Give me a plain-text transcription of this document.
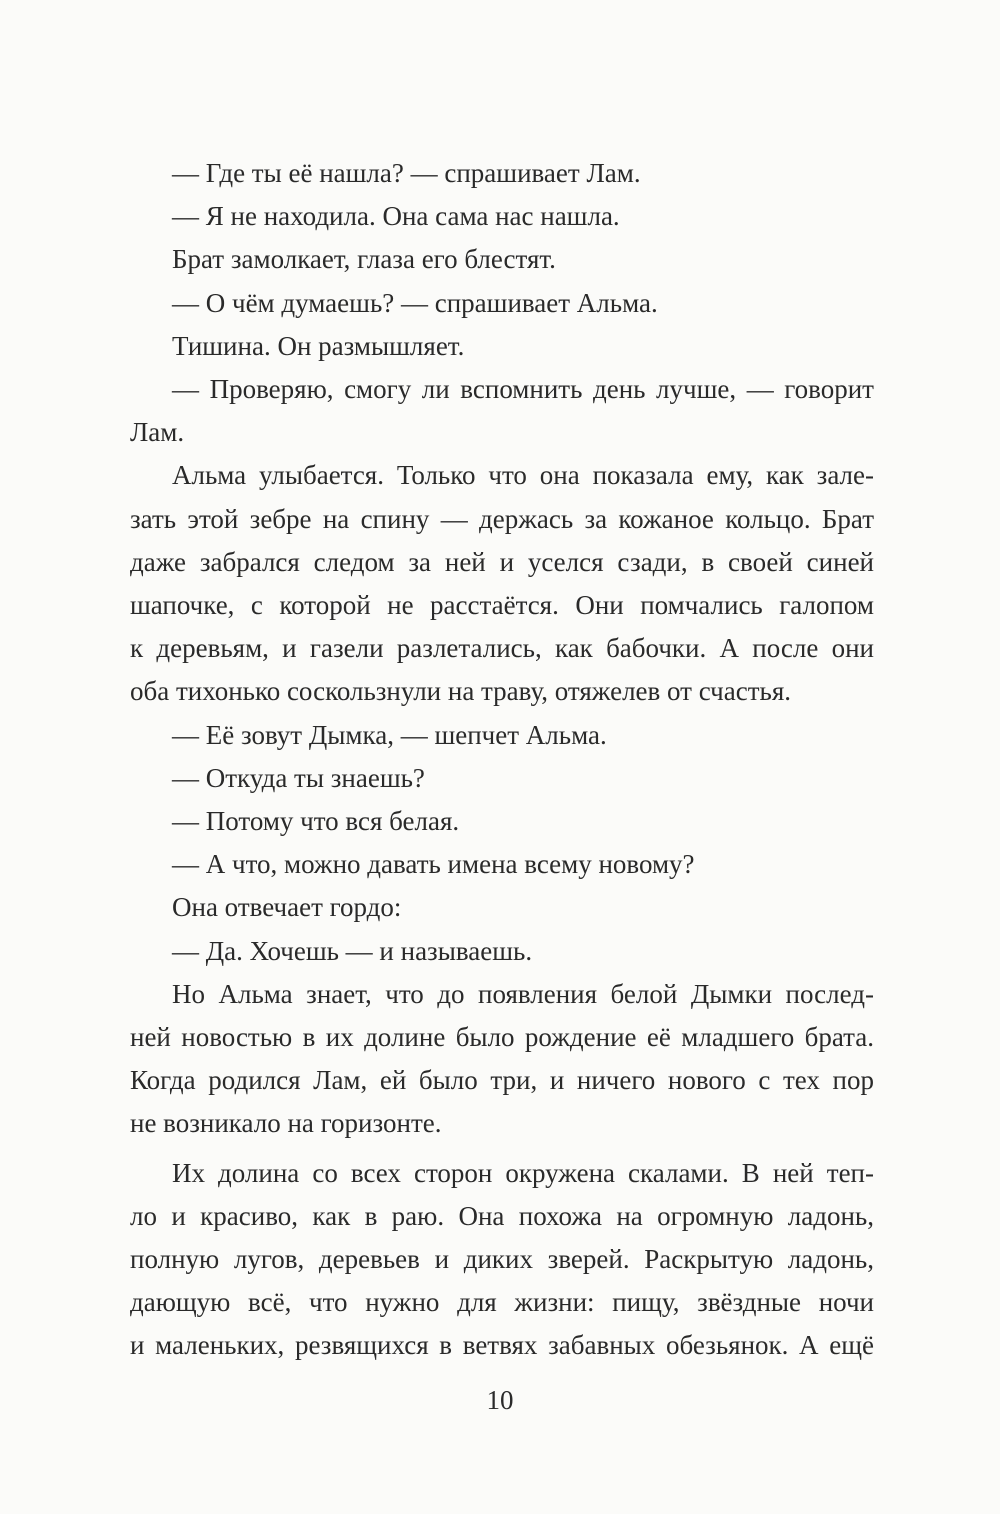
— Где ты её нашла? — спрашивает Лам.

— Я не находила. Она сама нас нашла.

Брат замолкает, глаза его блестят.

— О чём думаешь? — спрашивает Альма.

Тишина. Он размышляет.

— Проверяю, смогу ли вспомнить день лучше, — говорит
Лам.

Альма улыбается. Только что она показала ему, как зале-
зать этой зебре на спину — держась за кожаное кольцо. Брат
даже забрался следом за ней и уселся сзади, в своей синей
шапочке, с которой не расстаётся. Они помчались галопом
к деревьям, и газели разлетались, как бабочки. А после они
оба тихонько соскользнули на траву, отяжелев от счастья.

— Её зовут Дымка, — шепчет Альма.

— Откуда ты знаешь?

— Потому что вся белая.

— А что, можно давать имена всему новому?

Она отвечает гордо:

— Да. Хочешь — и называешь.

Но Альма знает, что до появления белой Дымки послед-
ней новостью в их долине было рождение её младшего брата.
Когда родился Лам, ей было три, и ничего нового с тех пор
не возникало на горизонте.

Их долина со всех сторон окружена скалами. В ней теп-
ло и красиво, как в раю. Она похожа на огромную ладонь,
полную лугов, деревьев и диких зверей. Раскрытую ладонь,
дающую всё, что нужно для жизни: пищу, звёздные ночи
и маленьких, резвящихся в ветвях забавных обезьянок. А ещё

10
